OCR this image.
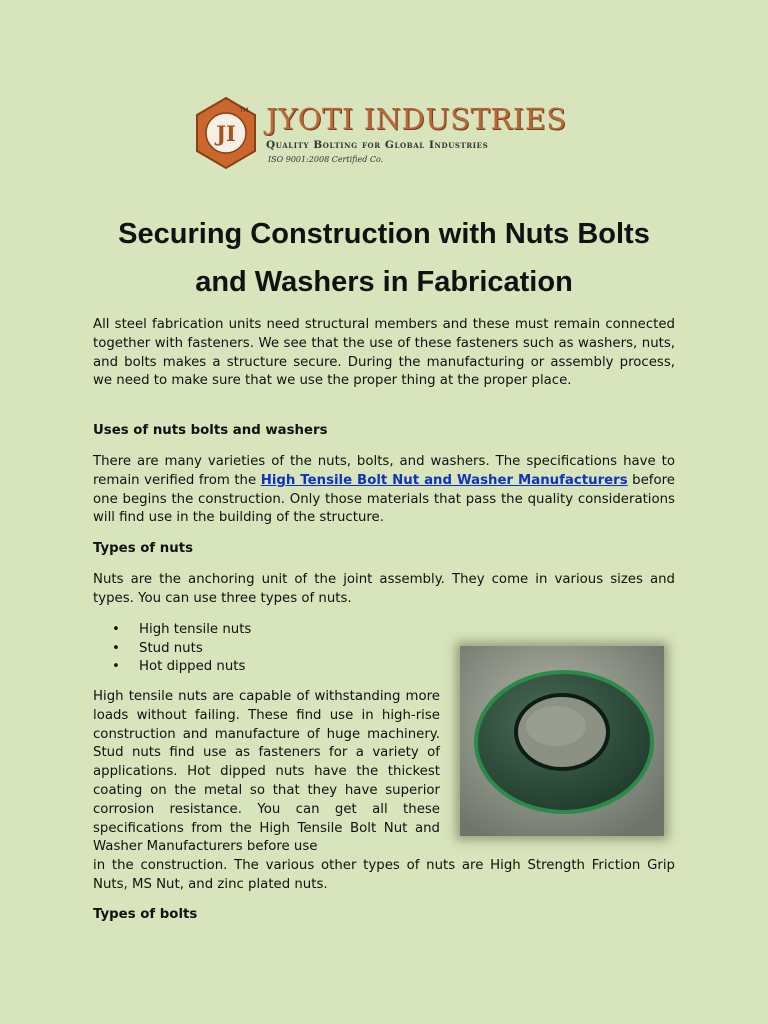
JI
TM JYOTI INDUSTRIES
Quality Bolting for Global Industries
ISO 9001:2008 Certified Co.
Securing Construction with Nuts Bolts
and Washers in Fabrication

All steel fabrication units need structural members and these must remain connected together with fasteners. We see that the use of these fasteners such as washers, nuts, and bolts makes a structure secure. During the manufacturing or assembly process, we need to make sure that we use the proper thing at the proper place.

Uses of nuts bolts and washers

There are many varieties of the nuts, bolts, and washers. The specifications have to remain verified from the High Tensile Bolt Nut and Washer Manufacturers before one begins the construction. Only those materials that pass the quality considerations will find use in the building of the structure.

Types of nuts

Nuts are the anchoring unit of the joint assembly. They come in various sizes and types. You can use three types of nuts.

• High tensile nuts
• Stud nuts
• Hot dipped nuts

High tensile nuts are capable of withstanding more loads without failing. These find use in high-rise construction and manufacture of huge machinery. Stud nuts find use as fasteners for a variety of applications. Hot dipped nuts have the thickest coating on the metal so that they have superior corrosion resistance. You can get all these specifications from the High Tensile Bolt Nut and Washer Manufacturers before use

in the construction. The various other types of nuts are High Strength Friction Grip Nuts, MS Nut, and zinc plated nuts.

Types of bolts
